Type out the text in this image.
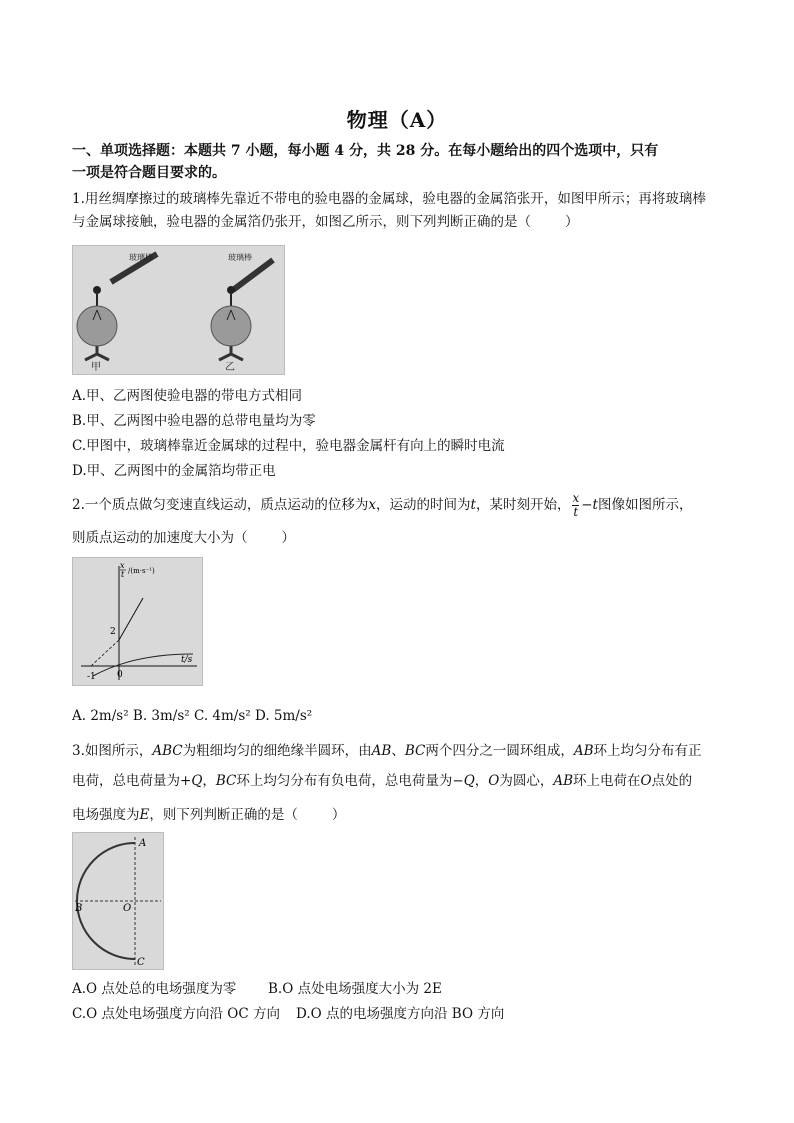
物理（A）
一、单项选择题：本题共 7 小题，每小题 4 分，共 28 分。在每小题给出的四个选项中，只有
一项是符合题目要求的。
1.用丝绸摩擦过的玻璃棒先靠近不带电的验电器的金属球，验电器的金属箔张开，如图甲所示；再将玻璃棒
与金属球接触，验电器的金属箔仍张开，如图乙所示，则下列判断正确的是（	）
玻璃棒
甲
玻璃棒
乙
A.甲、乙两图使验电器的带电方式相同
B.甲、乙两图中验电器的总带电量均为零
C.甲图中，玻璃棒靠近金属球的过程中，验电器金属杆有向上的瞬时电流
D.甲、乙两图中的金属箔均带正电
2.一个质点做匀变速直线运动，质点运动的位移为x，运动的时间为t，某时刻开始， $\frac{x}{t} -t$图像如图所示，
则质点运动的加速度大小为（	）
x
t /(m·s⁻¹)
t/s
2
0
-1
A. 2m/s² B. 3m/s² C. 4m/s² D. 5m/s²
3.如图所示，ABC为粗细均匀的细绝缘半圆环，由AB、BC两个四分之一圆环组成，AB环上均匀分布有正
电荷，总电荷量为+Q，BC环上均匀分布有负电荷，总电荷量为−Q，O为圆心，AB环上电荷在O点处的
电场强度为E，则下列判断正确的是（	）
A
B
C
O
A.O 点处总的电场强度为零 B.O 点处电场强度大小为 2E
C.O 点处电场强度方向沿 OC 方向 D.O 点的电场强度方向沿 BO 方向
